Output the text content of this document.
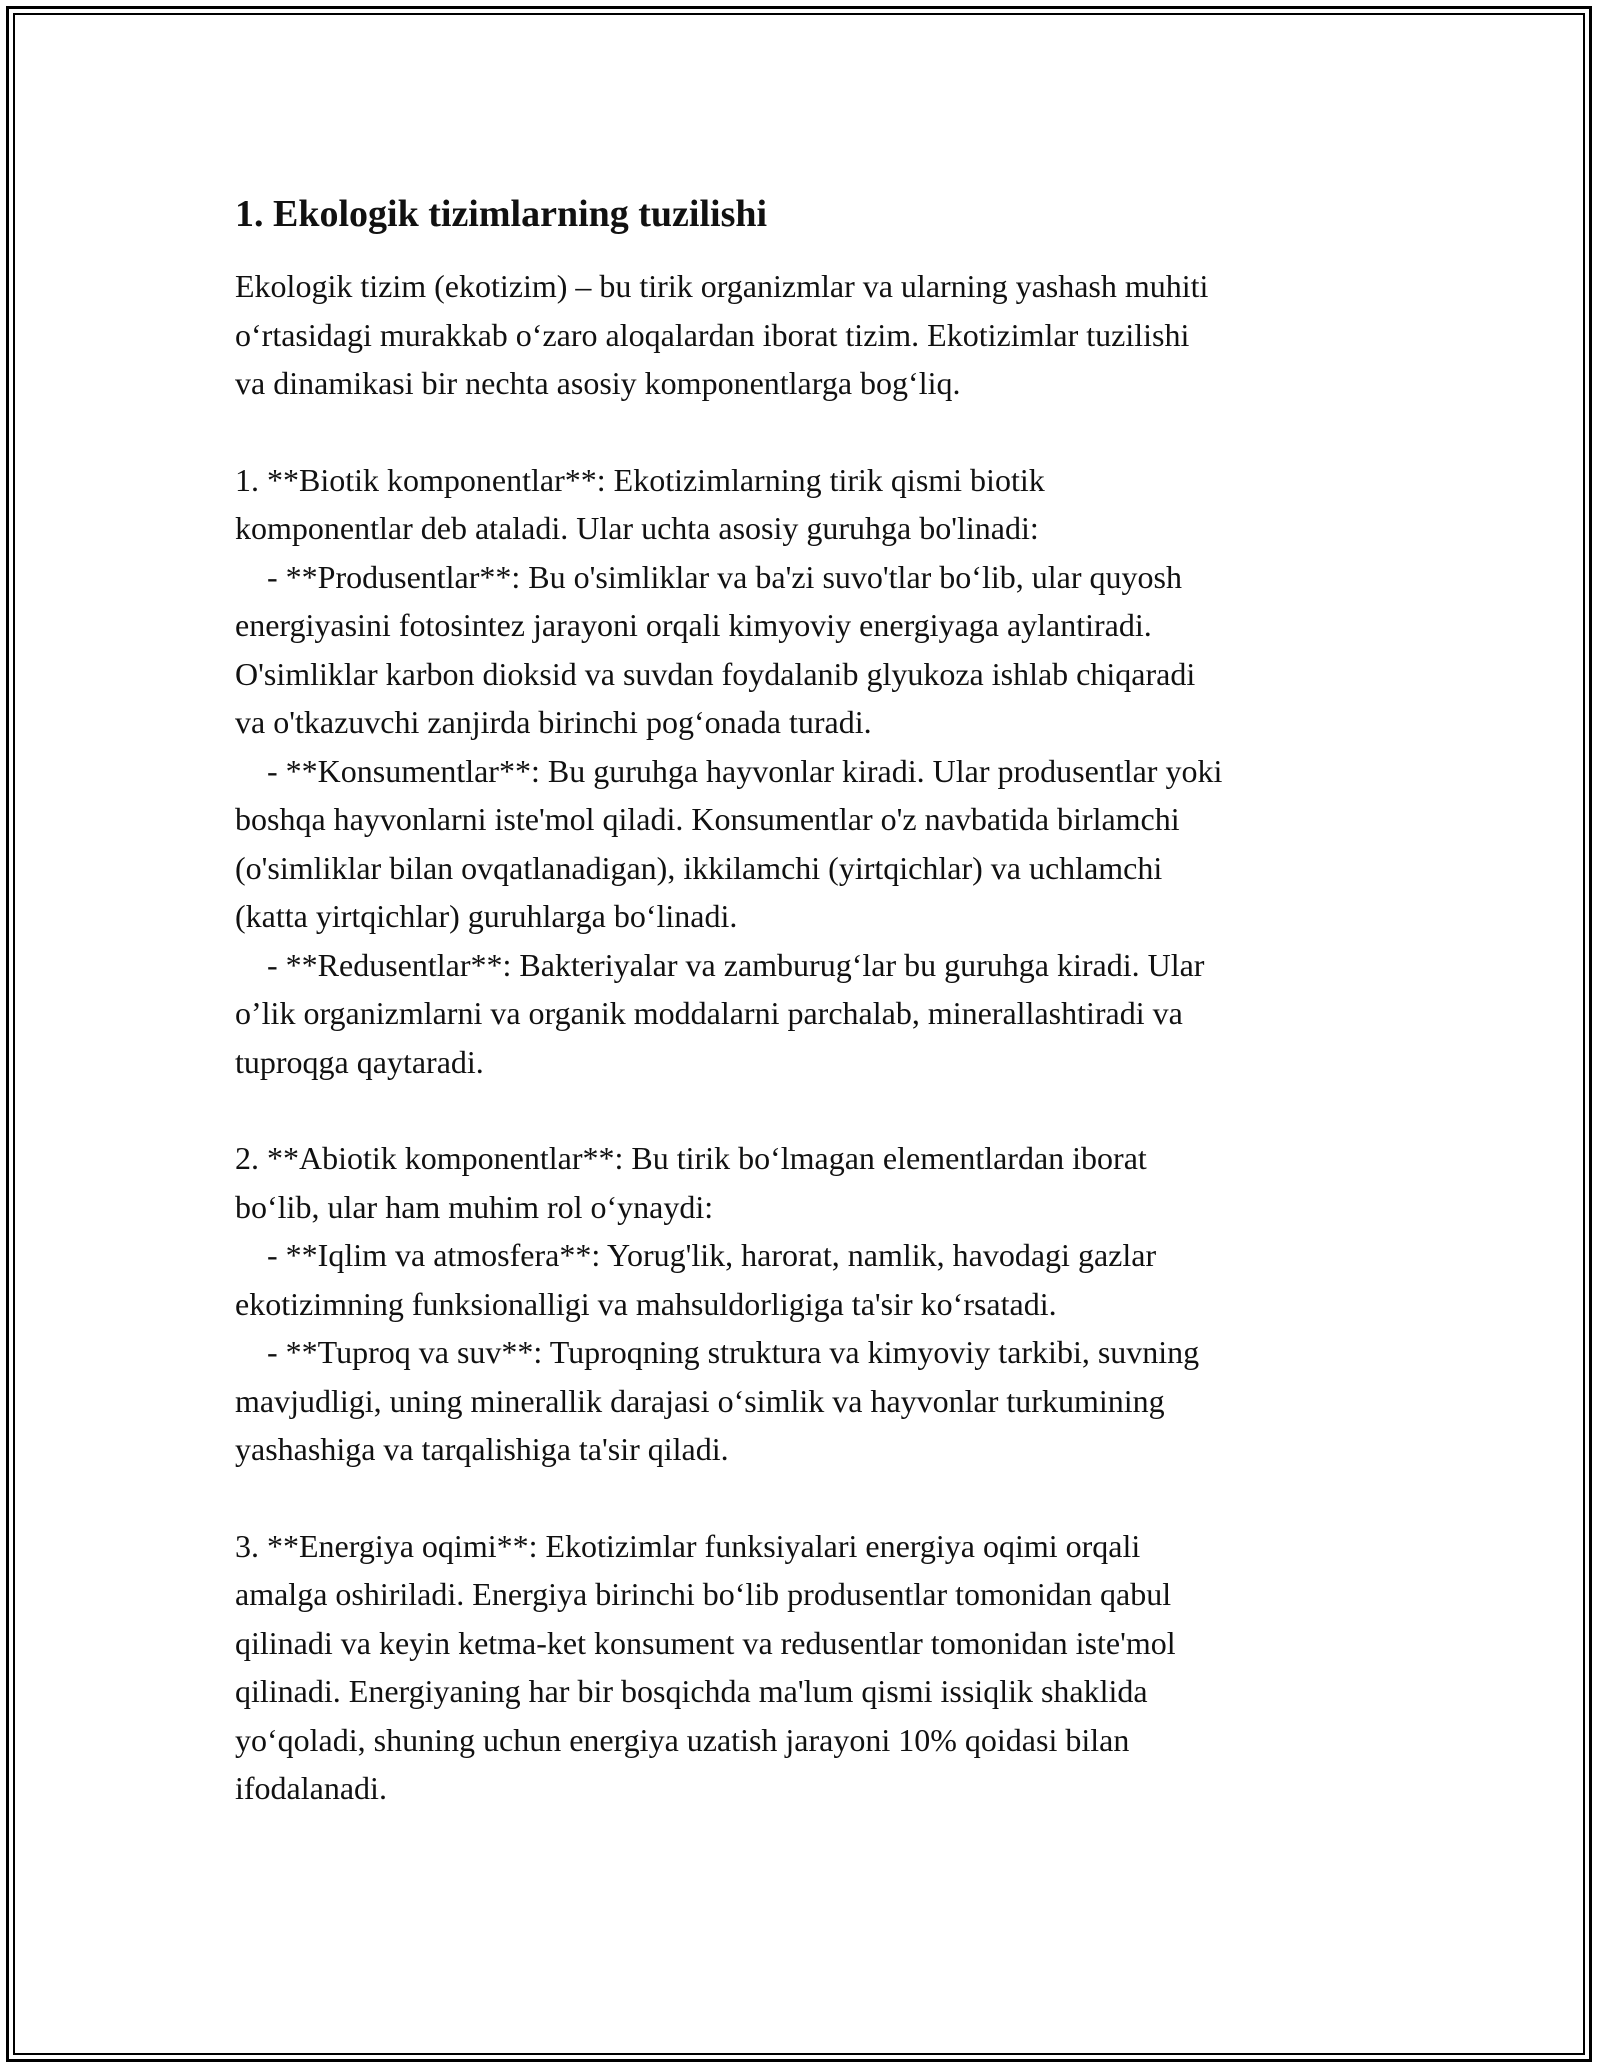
1. Ekologik tizimlarning tuzilishi
Ekologik tizim (ekotizim) – bu tirik organizmlar va ularning yashash muhiti
o‘rtasidagi murakkab o‘zaro aloqalardan iborat tizim. Ekotizimlar tuzilishi
va dinamikasi bir nechta asosiy komponentlarga bog‘liq.
1. **Biotik komponentlar**: Ekotizimlarning tirik qismi biotik
komponentlar deb ataladi. Ular uchta asosiy guruhga bo'linadi:
- **Produsentlar**: Bu o'simliklar va ba'zi suvo'tlar bo‘lib, ular quyosh
energiyasini fotosintez jarayoni orqali kimyoviy energiyaga aylantiradi.
O'simliklar karbon dioksid va suvdan foydalanib glyukoza ishlab chiqaradi
va o'tkazuvchi zanjirda birinchi pog‘onada turadi.
- **Konsumentlar**: Bu guruhga hayvonlar kiradi. Ular produsentlar yoki
boshqa hayvonlarni iste'mol qiladi. Konsumentlar o'z navbatida birlamchi
(o'simliklar bilan ovqatlanadigan), ikkilamchi (yirtqichlar) va uchlamchi
(katta yirtqichlar) guruhlarga bo‘linadi.
- **Redusentlar**: Bakteriyalar va zamburug‘lar bu guruhga kiradi. Ular
o’lik organizmlarni va organik moddalarni parchalab, minerallashtiradi va
tuproqga qaytaradi.
2. **Abiotik komponentlar**: Bu tirik bo‘lmagan elementlardan iborat
bo‘lib, ular ham muhim rol o‘ynaydi:
- **Iqlim va atmosfera**: Yorug'lik, harorat, namlik, havodagi gazlar
ekotizimning funksionalligi va mahsuldorligiga ta'sir ko‘rsatadi.
- **Tuproq va suv**: Tuproqning struktura va kimyoviy tarkibi, suvning
mavjudligi, uning minerallik darajasi o‘simlik va hayvonlar turkumining
yashashiga va tarqalishiga ta'sir qiladi.
3. **Energiya oqimi**: Ekotizimlar funksiyalari energiya oqimi orqali
amalga oshiriladi. Energiya birinchi bo‘lib produsentlar tomonidan qabul
qilinadi va keyin ketma-ket konsument va redusentlar tomonidan iste'mol
qilinadi. Energiyaning har bir bosqichda ma'lum qismi issiqlik shaklida
yo‘qoladi, shuning uchun energiya uzatish jarayoni 10% qoidasi bilan
ifodalanadi.
